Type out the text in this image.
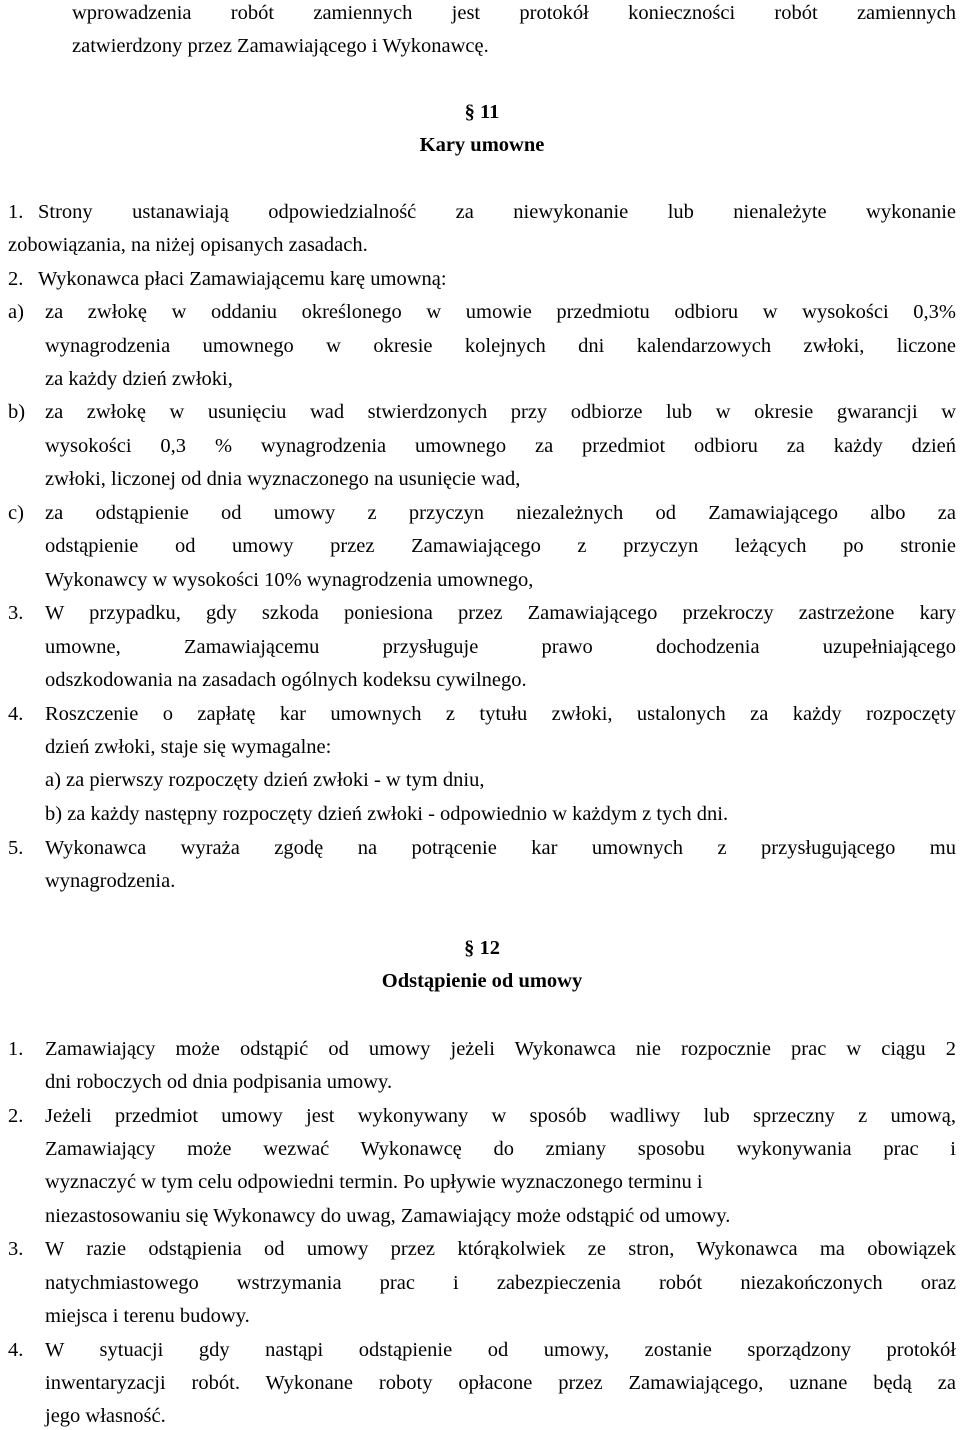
wprowadzenia robót zamiennych jest protokół konieczności robót zamiennych
zatwierdzony przez Zamawiającego i Wykonawcę.
§ 11
Kary umowne
1. Strony ustanawiają odpowiedzialność za niewykonanie lub nienależyte wykonanie
zobowiązania, na niżej opisanych zasadach.
2. Wykonawca płaci Zamawiającemu karę umowną:
a) za zwłokę w oddaniu określonego w umowie przedmiotu odbioru w wysokości 0,3%
wynagrodzenia umownego w okresie kolejnych dni kalendarzowych zwłoki, liczone
za każdy dzień zwłoki,
b) za zwłokę w usunięciu wad stwierdzonych przy odbiorze lub w okresie gwarancji w
wysokości 0,3 % wynagrodzenia umownego za przedmiot odbioru za każdy dzień
zwłoki, liczonej od dnia wyznaczonego na usunięcie wad,
c) za odstąpienie od umowy z przyczyn niezależnych od Zamawiającego albo za
odstąpienie od umowy przez Zamawiającego z przyczyn leżących po stronie
Wykonawcy w wysokości 10% wynagrodzenia umownego,
3. W przypadku, gdy szkoda poniesiona przez Zamawiającego przekroczy zastrzeżone kary
umowne, Zamawiającemu przysługuje prawo dochodzenia uzupełniającego
odszkodowania na zasadach ogólnych kodeksu cywilnego.
4. Roszczenie o zapłatę kar umownych z tytułu zwłoki, ustalonych za każdy rozpoczęty
dzień zwłoki, staje się wymagalne:
a) za pierwszy rozpoczęty dzień zwłoki - w tym dniu,
b) za każdy następny rozpoczęty dzień zwłoki - odpowiednio w każdym z tych dni.
5. Wykonawca wyraża zgodę na potrącenie kar umownych z przysługującego mu
wynagrodzenia.
§ 12
Odstąpienie od umowy
1. Zamawiający może odstąpić od umowy jeżeli Wykonawca nie rozpocznie prac w ciągu 2
dni roboczych od dnia podpisania umowy.
2. Jeżeli przedmiot umowy jest wykonywany w sposób wadliwy lub sprzeczny z umową,
Zamawiający może wezwać Wykonawcę do zmiany sposobu wykonywania prac i
wyznaczyć w tym celu odpowiedni termin. Po upływie wyznaczonego terminu i
niezastosowaniu się Wykonawcy do uwag, Zamawiający może odstąpić od umowy.
3. W razie odstąpienia od umowy przez którąkolwiek ze stron, Wykonawca ma obowiązek
natychmiastowego wstrzymania prac i zabezpieczenia robót niezakończonych oraz
miejsca i terenu budowy.
4. W sytuacji gdy nastąpi odstąpienie od umowy, zostanie sporządzony protokół
inwentaryzacji robót. Wykonane roboty opłacone przez Zamawiającego, uznane będą za
jego własność.
